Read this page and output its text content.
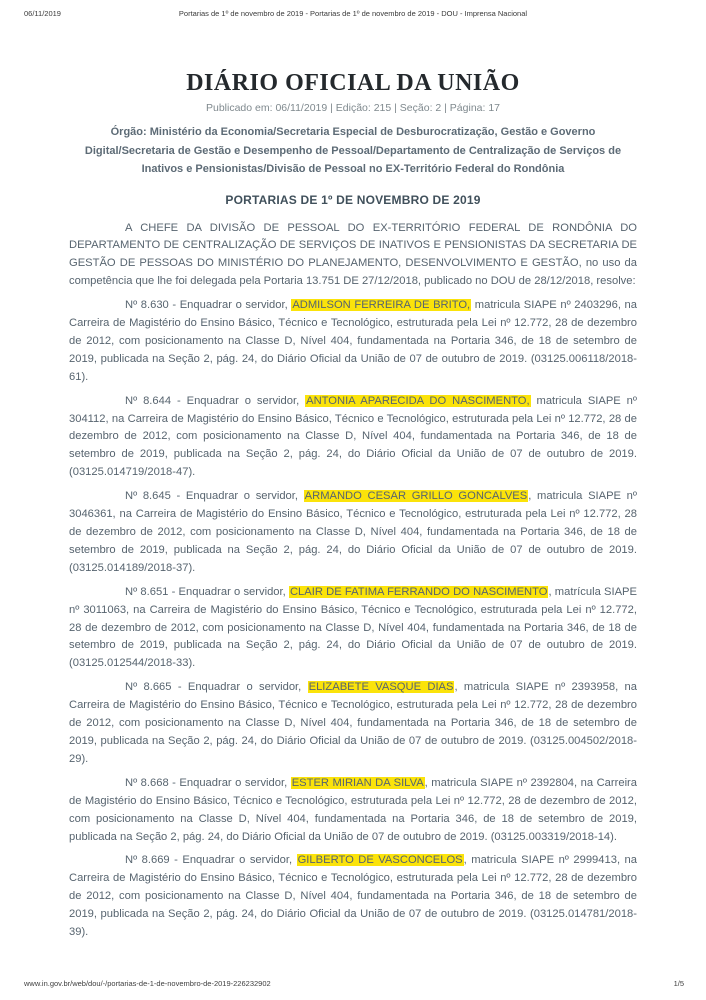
Portarias de 1º de novembro de 2019 - Portarias de 1º de novembro de 2019 - DOU - Imprensa Nacional
06/11/2019
DIÁRIO OFICIAL DA UNIÃO
Publicado em: 06/11/2019 | Edição: 215 | Seção: 2 | Página: 17
Órgão: Ministério da Economia/Secretaria Especial de Desburocratização, Gestão e Governo Digital/Secretaria de Gestão e Desempenho de Pessoal/Departamento de Centralização de Serviços de Inativos e Pensionistas/Divisão de Pessoal no EX-Território Federal do Rondônia
PORTARIAS DE 1º DE NOVEMBRO DE 2019

A CHEFE DA DIVISÃO DE PESSOAL DO EX-TERRITÓRIO FEDERAL DE RONDÔNIA DO DEPARTAMENTO DE CENTRALIZAÇÃO DE SERVIÇOS DE INATIVOS E PENSIONISTAS DA SECRETARIA DE GESTÃO DE PESSOAS DO MINISTÉRIO DO PLANEJAMENTO, DESENVOLVIMENTO E GESTÃO, no uso da competência que lhe foi delegada pela Portaria 13.751 DE 27/12/2018, publicado no DOU de 28/12/2018, resolve:

Nº 8.630 - Enquadrar o servidor, ADMILSON FERREIRA DE BRITO, matricula SIAPE nº 2403296, na Carreira de Magistério do Ensino Básico, Técnico e Tecnológico, estruturada pela Lei nº 12.772, 28 de dezembro de 2012, com posicionamento na Classe D, Nível 404, fundamentada na Portaria 346, de 18 de setembro de 2019, publicada na Seção 2, pág. 24, do Diário Oficial da União de 07 de outubro de 2019. (03125.006118/2018-61).

Nº 8.644 - Enquadrar o servidor, ANTONIA APARECIDA DO NASCIMENTO, matricula SIAPE nº 304112, na Carreira de Magistério do Ensino Básico, Técnico e Tecnológico, estruturada pela Lei nº 12.772, 28 de dezembro de 2012, com posicionamento na Classe D, Nível 404, fundamentada na Portaria 346, de 18 de setembro de 2019, publicada na Seção 2, pág. 24, do Diário Oficial da União de 07 de outubro de 2019. (03125.014719/2018-47).

Nº 8.645 - Enquadrar o servidor, ARMANDO CESAR GRILLO GONCALVES, matricula SIAPE nº 3046361, na Carreira de Magistério do Ensino Básico, Técnico e Tecnológico, estruturada pela Lei nº 12.772, 28 de dezembro de 2012, com posicionamento na Classe D, Nível 404, fundamentada na Portaria 346, de 18 de setembro de 2019, publicada na Seção 2, pág. 24, do Diário Oficial da União de 07 de outubro de 2019. (03125.014189/2018-37).

Nº 8.651 - Enquadrar o servidor, CLAIR DE FATIMA FERRANDO DO NASCIMENTO, matrícula SIAPE nº 3011063, na Carreira de Magistério do Ensino Básico, Técnico e Tecnológico, estruturada pela Lei nº 12.772, 28 de dezembro de 2012, com posicionamento na Classe D, Nível 404, fundamentada na Portaria 346, de 18 de setembro de 2019, publicada na Seção 2, pág. 24, do Diário Oficial da União de 07 de outubro de 2019. (03125.012544/2018-33).

Nº 8.665 - Enquadrar o servidor, ELIZABETE VASQUE DIAS, matricula SIAPE nº 2393958, na Carreira de Magistério do Ensino Básico, Técnico e Tecnológico, estruturada pela Lei nº 12.772, 28 de dezembro de 2012, com posicionamento na Classe D, Nível 404, fundamentada na Portaria 346, de 18 de setembro de 2019, publicada na Seção 2, pág. 24, do Diário Oficial da União de 07 de outubro de 2019. (03125.004502/2018-29).

Nº 8.668 - Enquadrar o servidor, ESTER MIRIAN DA SILVA, matricula SIAPE nº 2392804, na Carreira de Magistério do Ensino Básico, Técnico e Tecnológico, estruturada pela Lei nº 12.772, 28 de dezembro de 2012, com posicionamento na Classe D, Nível 404, fundamentada na Portaria 346, de 18 de setembro de 2019, publicada na Seção 2, pág. 24, do Diário Oficial da União de 07 de outubro de 2019. (03125.003319/2018-14).

Nº 8.669 - Enquadrar o servidor, GILBERTO DE VASCONCELOS, matricula SIAPE nº 2999413, na Carreira de Magistério do Ensino Básico, Técnico e Tecnológico, estruturada pela Lei nº 12.772, 28 de dezembro de 2012, com posicionamento na Classe D, Nível 404, fundamentada na Portaria 346, de 18 de setembro de 2019, publicada na Seção 2, pág. 24, do Diário Oficial da União de 07 de outubro de 2019. (03125.014781/2018-39).

www.in.gov.br/web/dou/-/portarias-de-1-de-novembro-de-2019-226232902	1/5
